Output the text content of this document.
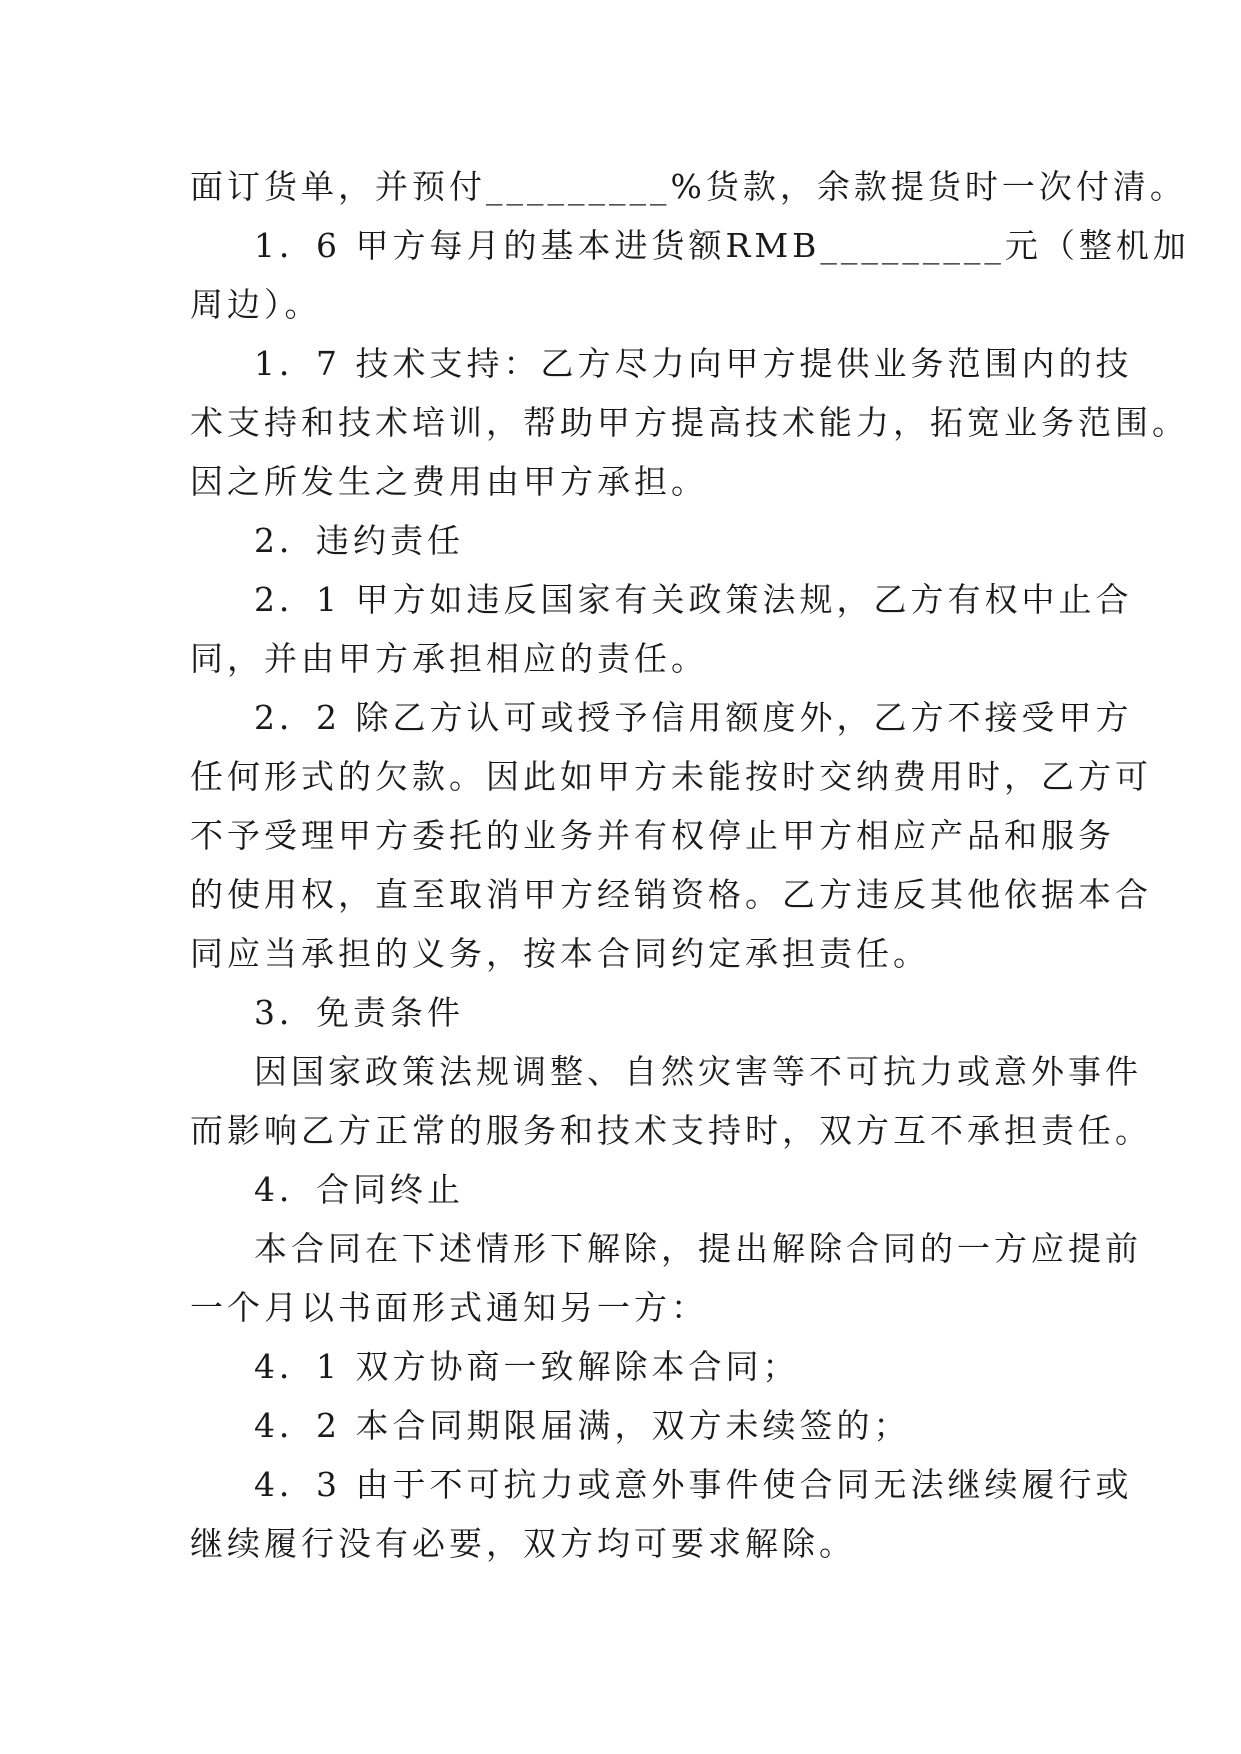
面订货单，并预付_________%货款，余款提货时一次付清。
1．6 甲方每月的基本进货额RMB_________元（整机加
周边）。
1．7 技术支持：乙方尽力向甲方提供业务范围内的技
术支持和技术培训，帮助甲方提高技术能力，拓宽业务范围。
因之所发生之费用由甲方承担。
2．违约责任
2．1 甲方如违反国家有关政策法规，乙方有权中止合
同，并由甲方承担相应的责任。
2．2 除乙方认可或授予信用额度外，乙方不接受甲方
任何形式的欠款。因此如甲方未能按时交纳费用时，乙方可
不予受理甲方委托的业务并有权停止甲方相应产品和服务
的使用权，直至取消甲方经销资格。乙方违反其他依据本合
同应当承担的义务，按本合同约定承担责任。
3．免责条件
因国家政策法规调整、自然灾害等不可抗力或意外事件
而影响乙方正常的服务和技术支持时，双方互不承担责任。
4．合同终止
本合同在下述情形下解除，提出解除合同的一方应提前
一个月以书面形式通知另一方：
4．1 双方协商一致解除本合同；
4．2 本合同期限届满，双方未续签的；
4．3 由于不可抗力或意外事件使合同无法继续履行或
继续履行没有必要，双方均可要求解除。
